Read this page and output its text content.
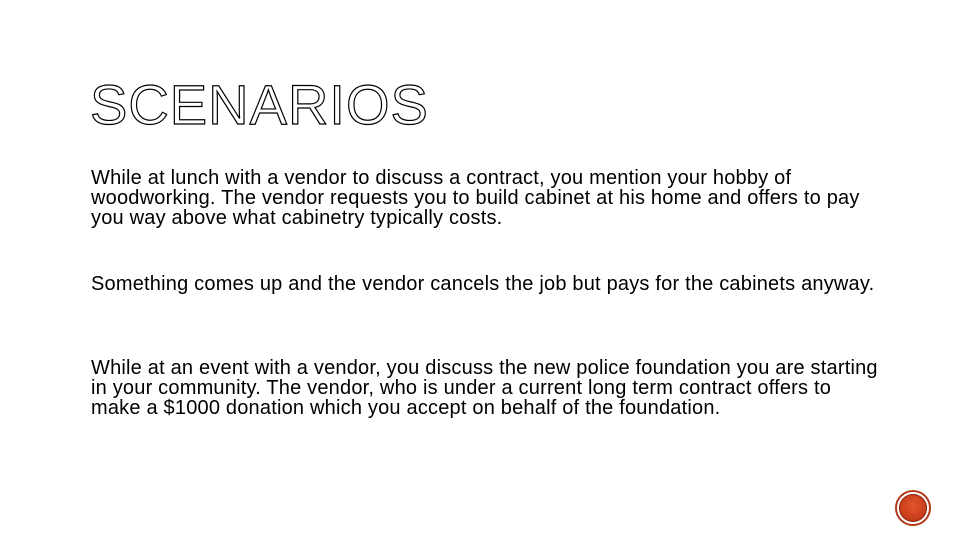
SCENARIOS

While at lunch with a vendor to discuss a contract, you mention your hobby of woodworking. The vendor requests you to build cabinet at his home and offers to pay you way above what cabinetry typically costs.

Something comes up and the vendor cancels the job but pays for the cabinets anyway.

While at an event with a vendor, you discuss the new police foundation you are starting in your community. The vendor, who is under a current long term contract offers to make a $1000 donation which you accept on behalf of the foundation.
